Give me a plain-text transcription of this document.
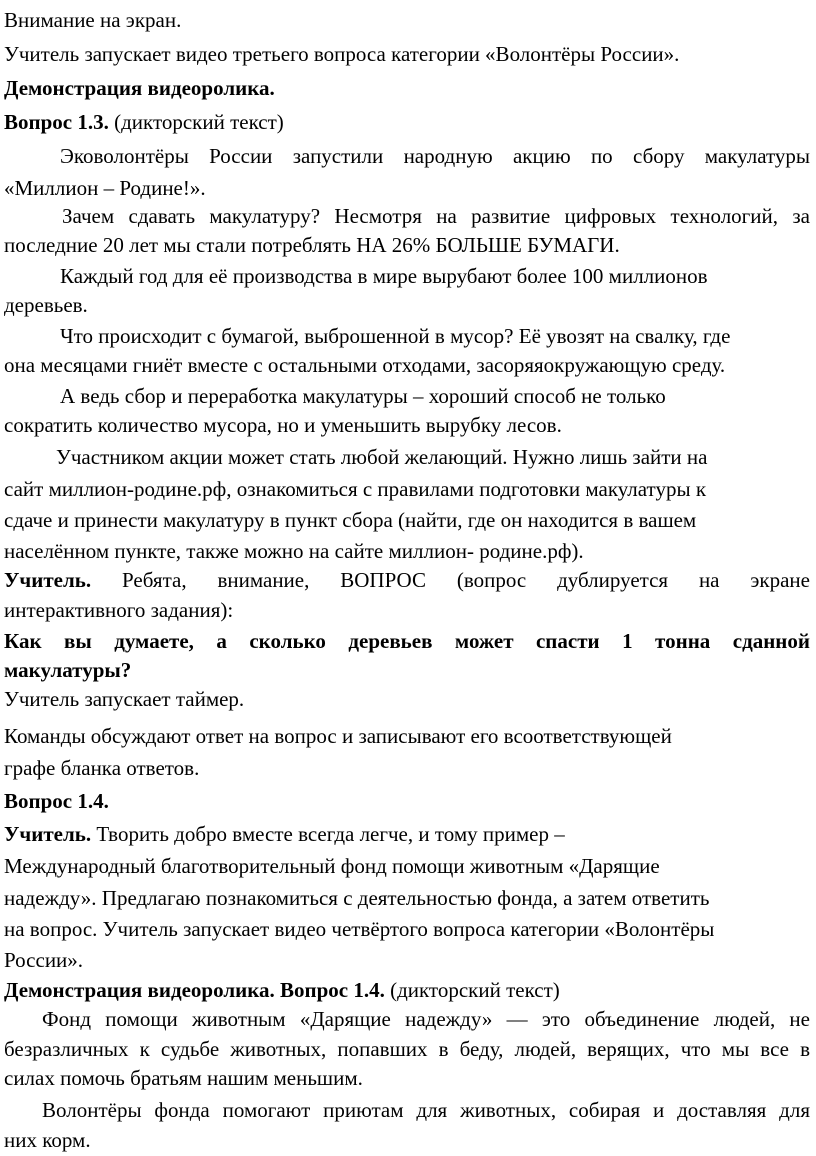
Внимание на экран.
Учитель запускает видео третьего вопроса категории «Волонтёры России».
Демонстрация видеоролика.
Вопрос 1.3. (дикторский текст)
Эковолонтёры России запустили народную акцию по сбору макулатуры
«Миллион – Родине!».
Зачем сдавать макулатуру? Несмотря на развитие цифровых технологий, за
последние 20 лет мы стали потреблять НА 26% БОЛЬШЕ БУМАГИ.
Каждый год для её производства в мире вырубают более 100 миллионов
деревьев.
Что происходит с бумагой, выброшенной в мусор? Её увозят на свалку, где
она месяцами гниёт вместе с остальными отходами, засоряяокружающую среду.
А ведь сбор и переработка макулатуры – хороший способ не только
сократить количество мусора, но и уменьшить вырубку лесов.
Участником акции может стать любой желающий. Нужно лишь зайти на
сайт миллион-родине.рф, ознакомиться с правилами подготовки макулатуры к
сдаче и принести макулатуру в пункт сбора (найти, где он находится в вашем
населённом пункте, также можно на сайте миллион- родине.рф).
Учитель. Ребята, внимание, ВОПРОС (вопрос дублируется на экране
интерактивного задания):
Как вы думаете, а сколько деревьев может спасти 1 тонна сданной
макулатуры?
Учитель запускает таймер.
Команды обсуждают ответ на вопрос и записывают его всоответствующей
графе бланка ответов.
Вопрос 1.4.
Учитель. Творить добро вместе всегда легче, и тому пример –
Международный благотворительный фонд помощи животным «Дарящие
надежду». Предлагаю познакомиться с деятельностью фонда, а затем ответить
на вопрос. Учитель запускает видео четвёртого вопроса категории «Волонтёры
России».
Демонстрация видеоролика. Вопрос 1.4. (дикторский текст)
Фонд помощи животным «Дарящие надежду» — это объединение людей, не
безразличных к судьбе животных, попавших в беду, людей, верящих, что мы все в
силах помочь братьям нашим меньшим.
Волонтёры фонда помогают приютам для животных, собирая и доставляя для
них корм.
